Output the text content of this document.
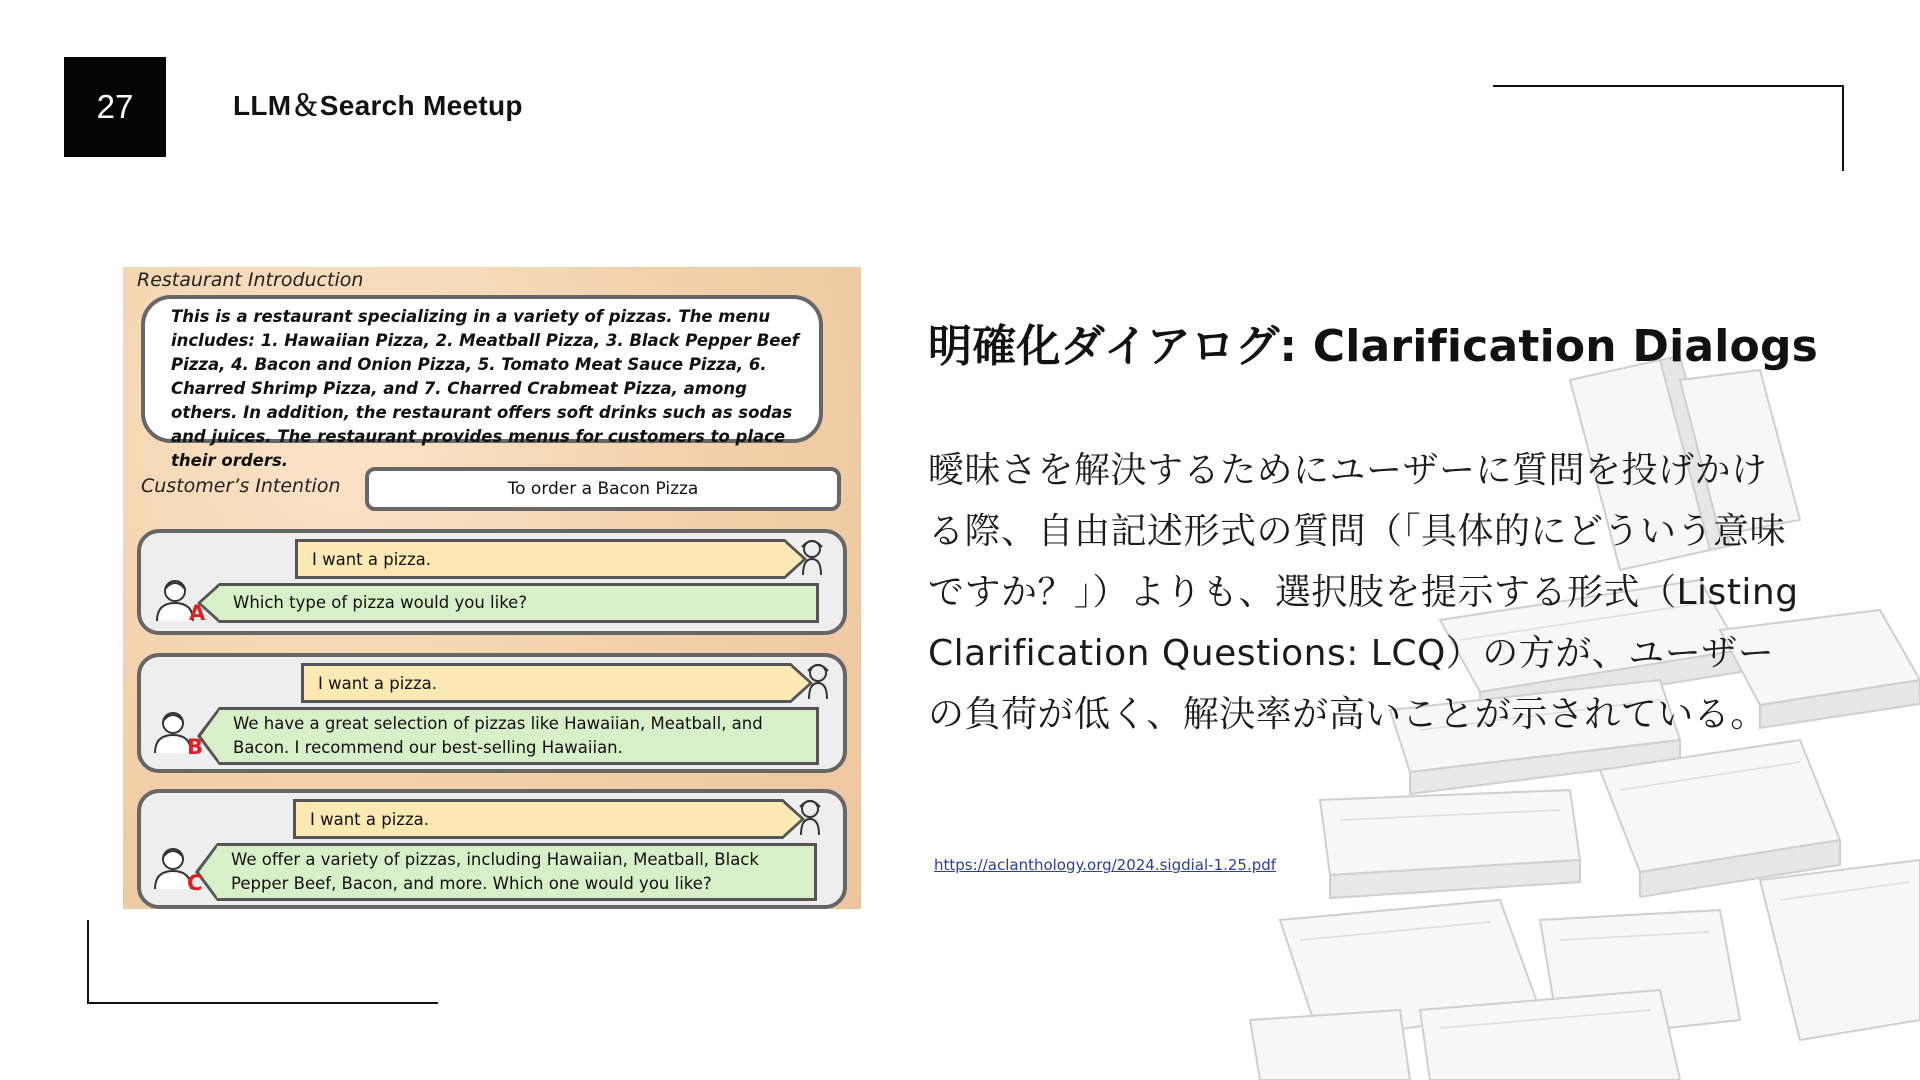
27	LLM＆Search Meetup
Restaurant Introduction
This is a restaurant specializing in a variety of pizzas. The menu includes: 1. Hawaiian Pizza, 2. Meatball Pizza, 3. Black Pepper Beef Pizza, 4. Bacon and Onion Pizza, 5. Tomato Meat Sauce Pizza, 6. Charred Shrimp Pizza, and 7. Charred Crabmeat Pizza, among others. In addition, the restaurant offers soft drinks such as sodas and juices. The restaurant provides menus for customers to place their orders.
Customer’s Intention	To order a Bacon Pizza
I want a pizza.
Which type of pizza would you like?
A
I want a pizza.
We have a great selection of pizzas like Hawaiian, Meatball, and Bacon. I recommend our best-selling Hawaiian.
B
I want a pizza.
We offer a variety of pizzas, including Hawaiian, Meatball, Black Pepper Beef, Bacon, and more. Which one would you like?
C
明確化ダイアログ: Clarification Dialogs
曖昧さを解決するためにユーザーに質問を投げかける際、自由記述形式の質問（「具体的にどういう意味ですか？」）よりも、選択肢を提示する形式（Listing Clarification Questions: LCQ）の方が、ユーザーの負荷が低く、解決率が高いことが示されている。
https://aclanthology.org/2024.sigdial-1.25.pdf
